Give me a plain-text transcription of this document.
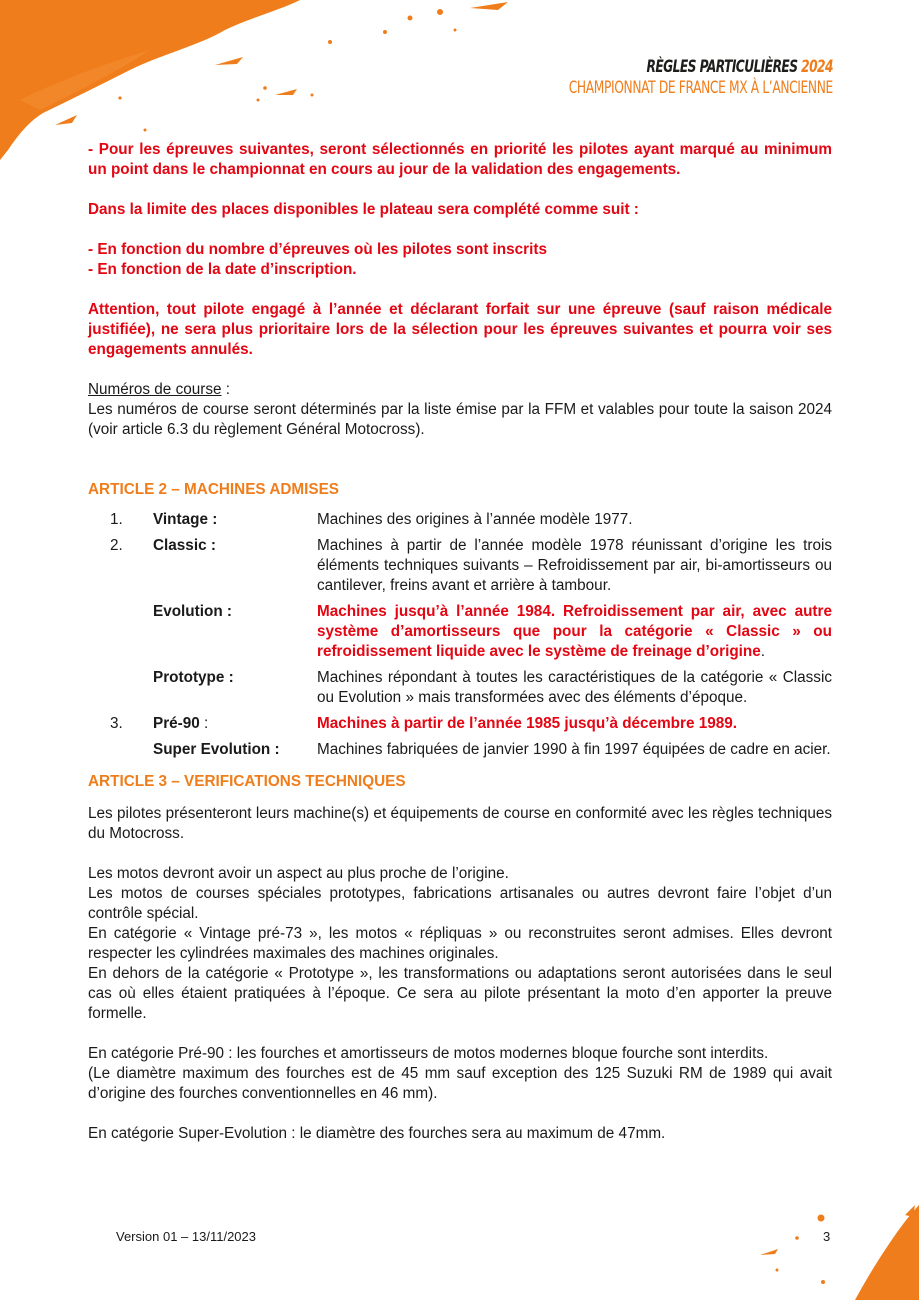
RÈGLES PARTICULIÈRES 2024
CHAMPIONNAT DE FRANCE MX À L’ANCIENNE

- Pour les épreuves suivantes, seront sélectionnés en priorité les pilotes ayant marqué au minimum un point dans le championnat en cours au jour de la validation des engagements.

Dans la limite des places disponibles le plateau sera complété comme suit :

- En fonction du nombre d’épreuves où les pilotes sont inscrits

- En fonction de la date d’inscription.

Attention, tout pilote engagé à l’année et déclarant forfait sur une épreuve (sauf raison médicale justifiée), ne sera plus prioritaire lors de la sélection pour les épreuves suivantes et pourra voir ses engagements annulés.

Numéros de course :

Les numéros de course seront déterminés par la liste émise par la FFM et valables pour toute la saison 2024 (voir article 6.3 du règlement Général Motocross).

ARTICLE 2 – MACHINES ADMISES

1.	Vintage :	Machines des origines à l’année modèle 1977.
2.	Classic :	Machines à partir de l’année modèle 1978 réunissant d’origine les trois éléments techniques suivants – Refroidissement par air, bi-amortisseurs ou cantilever, freins avant et arrière à tambour.
	Evolution :	Machines jusqu’à l’année 1984. Refroidissement par air, avec autre système d’amortisseurs que pour la catégorie « Classic » ou refroidissement liquide avec le système de freinage d’origine.
	Prototype :	Machines répondant à toutes les caractéristiques de la catégorie « Classic ou Evolution » mais transformées avec des éléments d’époque.
3.	Pré-90 :	Machines à partir de l’année 1985 jusqu’à décembre 1989.
	Super Evolution :	Machines fabriquées de janvier 1990 à fin 1997 équipées de cadre en acier.

ARTICLE 3 – VERIFICATIONS TECHNIQUES

Les pilotes présenteront leurs machine(s) et équipements de course en conformité avec les règles techniques du Motocross.

Les motos devront avoir un aspect au plus proche de l’origine.

Les motos de courses spéciales prototypes, fabrications artisanales ou autres devront faire l’objet d’un contrôle spécial.

En catégorie « Vintage pré-73 », les motos « répliquas » ou reconstruites seront admises. Elles devront respecter les cylindrées maximales des machines originales.

En dehors de la catégorie « Prototype », les transformations ou adaptations seront autorisées dans le seul cas où elles étaient pratiquées à l’époque. Ce sera au pilote présentant la moto d’en apporter la preuve formelle.

En catégorie Pré-90 : les fourches et amortisseurs de motos modernes bloque fourche sont interdits.

(Le diamètre maximum des fourches est de 45 mm sauf exception des 125 Suzuki RM de 1989 qui avait d’origine des fourches conventionnelles en 46 mm).

En catégorie Super-Evolution : le diamètre des fourches sera au maximum de 47mm.

Version 01 – 13/11/2023	3
